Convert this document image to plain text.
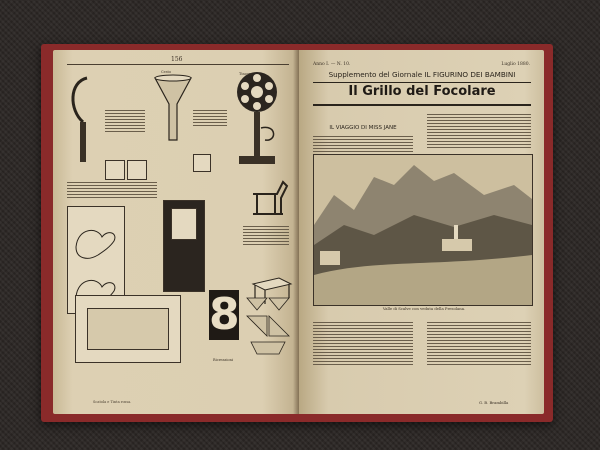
156
8
Tinozza
Cesto
Ricreazioni
Scatola e Tinta rossa.
Anno I. — N. 10.	Luglio 1880.
Supplemento del Giornale IL FIGURINO DEI BAMBINI
Il Grillo del Focolare
IL VIAGGIO DI MISS JANE
Valle di Scalve con veduta della Presolana.
G. B. Brambilla
